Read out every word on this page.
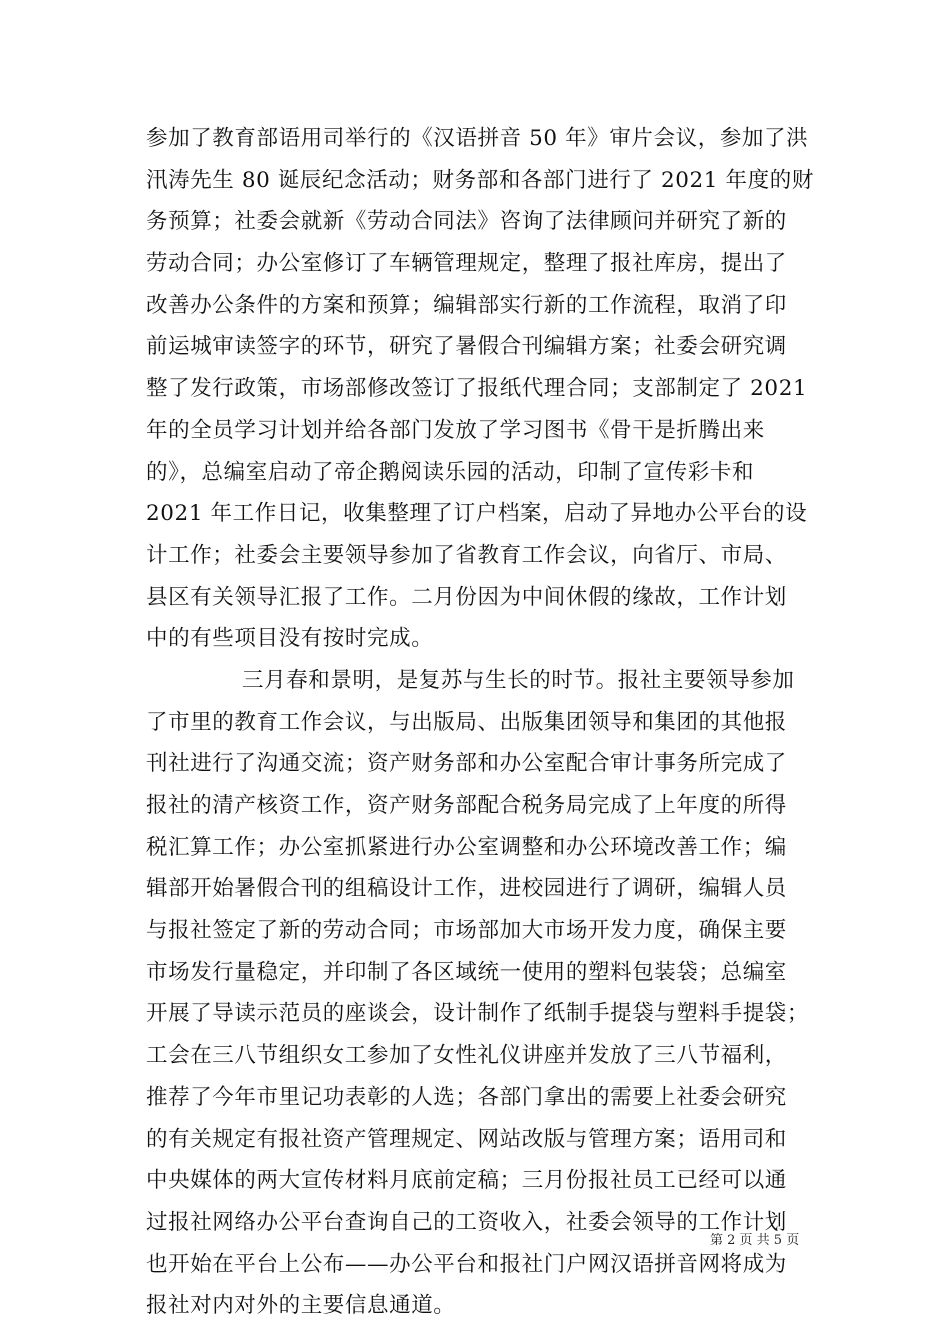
参加了教育部语用司举行的《汉语拼音 50 年》审片会议，参加了洪
汛涛先生 80 诞辰纪念活动；财务部和各部门进行了 2021 年度的财
务预算；社委会就新《劳动合同法》咨询了法律顾问并研究了新的
劳动合同；办公室修订了车辆管理规定，整理了报社库房，提出了
改善办公条件的方案和预算；编辑部实行新的工作流程，取消了印
前运城审读签字的环节，研究了暑假合刊编辑方案；社委会研究调
整了发行政策，市场部修改签订了报纸代理合同；支部制定了 2021
年的全员学习计划并给各部门发放了学习图书《骨干是折腾出来
的》，总编室启动了帝企鹅阅读乐园的活动，印制了宣传彩卡和
2021 年工作日记，收集整理了订户档案，启动了异地办公平台的设
计工作；社委会主要领导参加了省教育工作会议，向省厅、市局、
县区有关领导汇报了工作。二月份因为中间休假的缘故，工作计划
中的有些项目没有按时完成。
三月春和景明，是复苏与生长的时节。报社主要领导参加
了市里的教育工作会议，与出版局、出版集团领导和集团的其他报
刊社进行了沟通交流；资产财务部和办公室配合审计事务所完成了
报社的清产核资工作，资产财务部配合税务局完成了上年度的所得
税汇算工作；办公室抓紧进行办公室调整和办公环境改善工作；编
辑部开始暑假合刊的组稿设计工作，进校园进行了调研，编辑人员
与报社签定了新的劳动合同；市场部加大市场开发力度，确保主要
市场发行量稳定，并印制了各区域统一使用的塑料包装袋；总编室
开展了导读示范员的座谈会，设计制作了纸制手提袋与塑料手提袋；
工会在三八节组织女工参加了女性礼仪讲座并发放了三八节福利，
推荐了今年市里记功表彰的人选；各部门拿出的需要上社委会研究
的有关规定有报社资产管理规定、网站改版与管理方案；语用司和
中央媒体的两大宣传材料月底前定稿；三月份报社员工已经可以通
过报社网络办公平台查询自己的工资收入，社委会领导的工作计划
也开始在平台上公布——办公平台和报社门户网汉语拼音网将成为
报社对内对外的主要信息通道。
第 2 页 共 5 页
